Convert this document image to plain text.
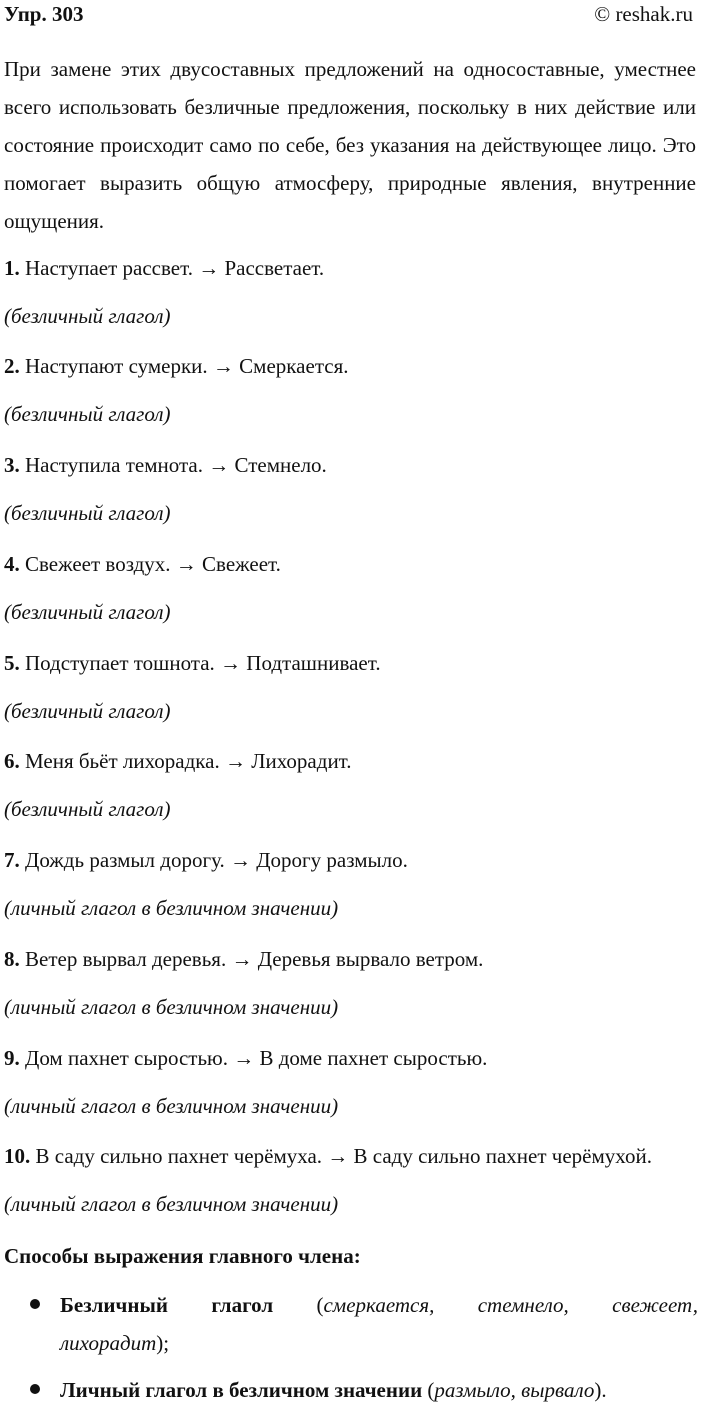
Упр. 303	© reshak.ru

При замене этих двусоставных предложений на односоставные, уместнее всего использовать безличные предложения, поскольку в них действие или состояние происходит само по себе, без указания на действующее лицо. Это помогает выразить общую атмосферу, природные явления, внутренние ощущения.

1. Наступает рассвет. → Рассветает.
(безличный глагол)
2. Наступают сумерки. → Смеркается.
(безличный глагол)
3. Наступила темнота. → Стемнело.
(безличный глагол)
4. Свежеет воздух. → Свежеет.
(безличный глагол)
5. Подступает тошнота. → Подташнивает.
(безличный глагол)
6. Меня бьёт лихорадка. → Лихорадит.
(безличный глагол)
7. Дождь размыл дорогу. → Дорогу размыло.
(личный глагол в безличном значении)
8. Ветер вырвал деревья. → Деревья вырвало ветром.
(личный глагол в безличном значении)
9. Дом пахнет сыростью. → В доме пахнет сыростью.
(личный глагол в безличном значении)
10. В саду сильно пахнет черёмуха. → В саду сильно пахнет черёмухой.
(личный глагол в безличном значении)
Способы выражения главного члена:
Безличный глагол (смеркается, стемнело, свежеет,
лихорадит);
Личный глагол в безличном значении (размыло, вырвало).
